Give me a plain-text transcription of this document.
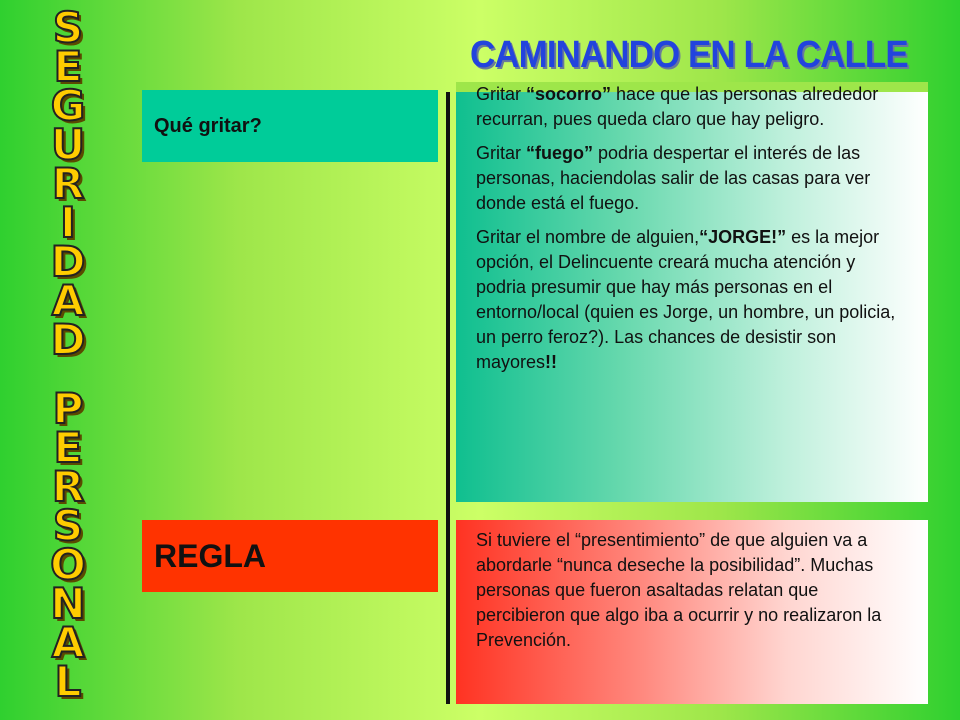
S
E
G
U
R
I
D
A
D
P
E
R
S
O
N
A
L
CAMINANDO EN LA CALLE
Qué gritar?

Gritar “socorro” hace que las personas alrededor recurran, pues queda claro que hay peligro.

Gritar “fuego” podria despertar el interés de las personas, haciendolas salir de las casas para ver donde está el fuego.

Gritar el nombre de alguien,“JORGE!” es la mejor opción, el Delincuente creará mucha atención y podria presumir que hay más personas en el entorno/local (quien es Jorge, un hombre, un policia, un perro feroz?). Las chances de desistir son mayores!!

REGLA	Si tuviere el “presentimiento” de que alguien va a abordarle “nunca deseche la posibilidad”. Muchas personas que fueron asaltadas relatan que percibieron que algo iba a ocurrir y no realizaron la Prevención.
